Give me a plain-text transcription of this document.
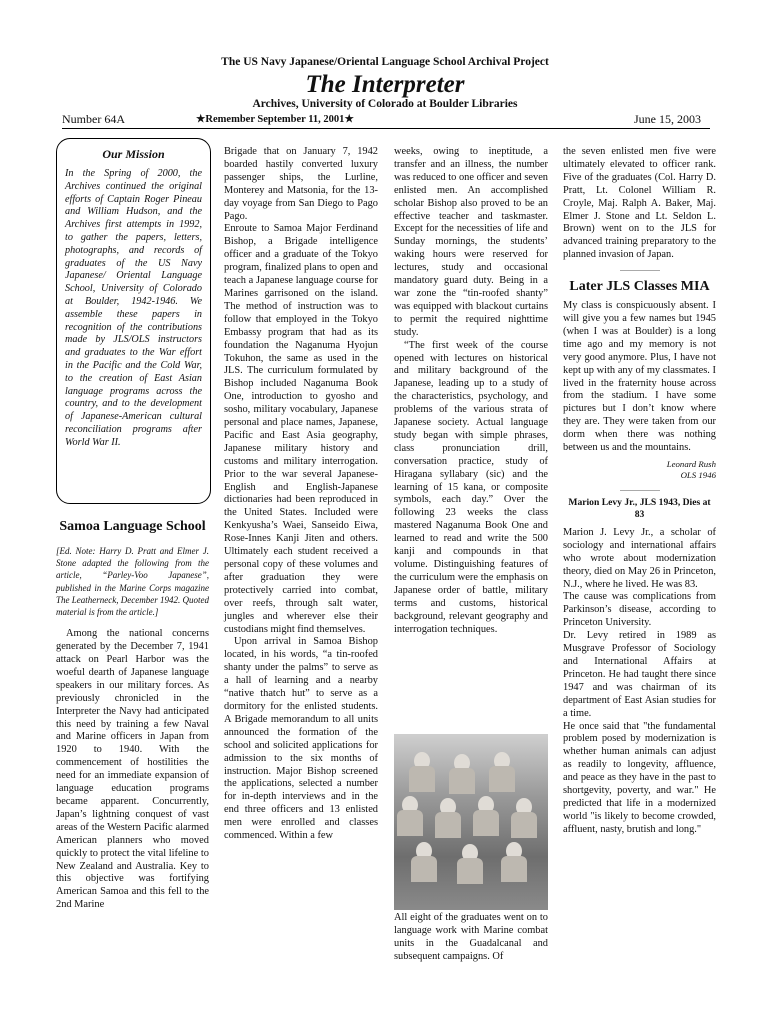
The US Navy Japanese/Oriental Language School Archival Project
The Interpreter
Archives, University of Colorado at Boulder Libraries
Number 64A	★Remember September 11, 2001★	June 15, 2003
Our Mission
In the Spring of 2000, the Archives continued the original efforts of Captain Roger Pineau and William Hudson, and the Archives first attempts in 1992, to gather the papers, letters, photographs, and records of graduates of the US Navy Japanese/ Oriental Language School, University of Colorado at Boulder, 1942-1946. We assemble these papers in recognition of the contributions made by JLS/OLS instructors and graduates to the War effort in the Pacific and the Cold War, to the creation of East Asian language programs across the country, and to the development of Japanese-American cultural reconciliation programs after World War II.
Samoa Language School

[Ed. Note: Harry D. Pratt and Elmer J. Stone adapted the following from the article, “Parley-Voo Japanese”, published in the Marine Corps magazine The Leatherneck, December 1942. Quoted material is from the article.]

Among the national concerns generated by the December 7, 1941 attack on Pearl Harbor was the woeful dearth of Japanese language speakers in our military forces. As previously chronicled in the Interpreter the Navy had anticipated this need by training a few Naval and Marine officers in Japan from 1920 to 1940. With the commencement of hostilities the need for an immediate expansion of language education programs became apparent. Concurrently, Japan’s lightning conquest of vast areas of the Western Pacific alarmed American planners who moved quickly to protect the vital lifeline to New Zealand and Australia. Key to this objective was fortifying American Samoa and this fell to the 2nd Marine

Brigade that on January 7, 1942 boarded hastily converted luxury passenger ships, the Lurline, Monterey and Matsonia, for the 13-day voyage from San Diego to Pago Pago.

Enroute to Samoa Major Ferdinand Bishop, a Brigade intelligence officer and a graduate of the Tokyo program, finalized plans to open and teach a Japanese language course for Marines garrisoned on the island. The method of instruction was to follow that employed in the Tokyo Embassy program that had as its foundation the Naganuma Hyojun Tokuhon, the same as used in the JLS. The curriculum formulated by Bishop included Naganuma Book One, introduction to gyosho and sosho, military vocabulary, Japanese personal and place names, Japanese, Pacific and East Asia geography, Japanese military history and customs and military interrogation. Prior to the war several Japanese-English and English-Japanese dictionaries had been reproduced in the United States. Included were Kenkyusha’s Waei, Sanseido Eiwa, Rose-Innes Kanji Jiten and others. Ultimately each student received a personal copy of these volumes and after graduation they were protectively carried into combat, over reefs, through salt water, jungles and wherever else their custodians might find themselves.

Upon arrival in Samoa Bishop located, in his words, “a tin-roofed shanty under the palms” to serve as a hall of learning and a nearby “native thatch hut” to serve as a dormitory for the enlisted students. A Brigade memorandum to all units announced the formation of the school and solicited applications for admission to the six months of instruction. Major Bishop screened the applications, selected a number for in-depth interviews and in the end three officers and 13 enlisted men were enrolled and classes commenced. Within a few

weeks, owing to ineptitude, a transfer and an illness, the number was reduced to one officer and seven enlisted men. An accomplished scholar Bishop also proved to be an effective teacher and taskmaster. Except for the necessities of life and Sunday mornings, the students’ waking hours were reserved for lectures, study and occasional mandatory guard duty. Being in a war zone the “tin-roofed shanty” was equipped with blackout curtains to permit the required nighttime study.

“The first week of the course opened with lectures on historical and military background of the Japanese, leading up to a study of the characteristics, psychology, and problems of the various strata of Japanese society. Actual language study began with simple phrases, class pronunciation drill, conversation practice, study of Hiragana syllabary (sic) and the learning of 15 kana, or composite symbols, each day.” Over the following 23 weeks the class mastered Naganuma Book One and learned to read and write the 500 kanji and compounds in that volume. Distinguishing features of the curriculum were the emphasis on Japanese order of battle, military terms and customs, historical background, relevant geography and interrogation techniques.

All eight of the graduates went on to language work with Marine combat units in the Guadalcanal and subsequent campaigns. Of

the seven enlisted men five were ultimately elevated to officer rank. Five of the graduates (Col. Harry D. Pratt, Lt. Colonel William R. Croyle, Maj. Ralph A. Baker, Maj. Elmer J. Stone and Lt. Seldon L. Brown) went on to the JLS for advanced training preparatory to the planned invasion of Japan.

Later JLS Classes MIA

My class is conspicuously absent. I will give you a few names but 1945 (when I was at Boulder) is a long time ago and my memory is not very good anymore. Plus, I have not kept up with any of my classmates. I lived in the fraternity house across from the stadium. I have some pictures but I don’t know where they are. They were taken from our dorm when there was nothing between us and the mountains.

Leonard Rush
OLS 1946
Marion Levy Jr., JLS 1943, Dies at 83

Marion J. Levy Jr., a scholar of sociology and international affairs who wrote about modernization theory, died on May 26 in Princeton, N.J., where he lived. He was 83.

The cause was complications from Parkinson’s disease, according to Princeton University.

Dr. Levy retired in 1989 as Musgrave Professor of Sociology and International Affairs at Princeton. He had taught there since 1947 and was chairman of its department of East Asian studies for a time.

He once said that "the fundamental problem posed by modernization is whether human animals can adjust as readily to longevity, affluence, and peace as they have in the past to shortgevity, poverty, and war." He predicted that life in a modernized world "is likely to become crowded, affluent, nasty, brutish and long."
